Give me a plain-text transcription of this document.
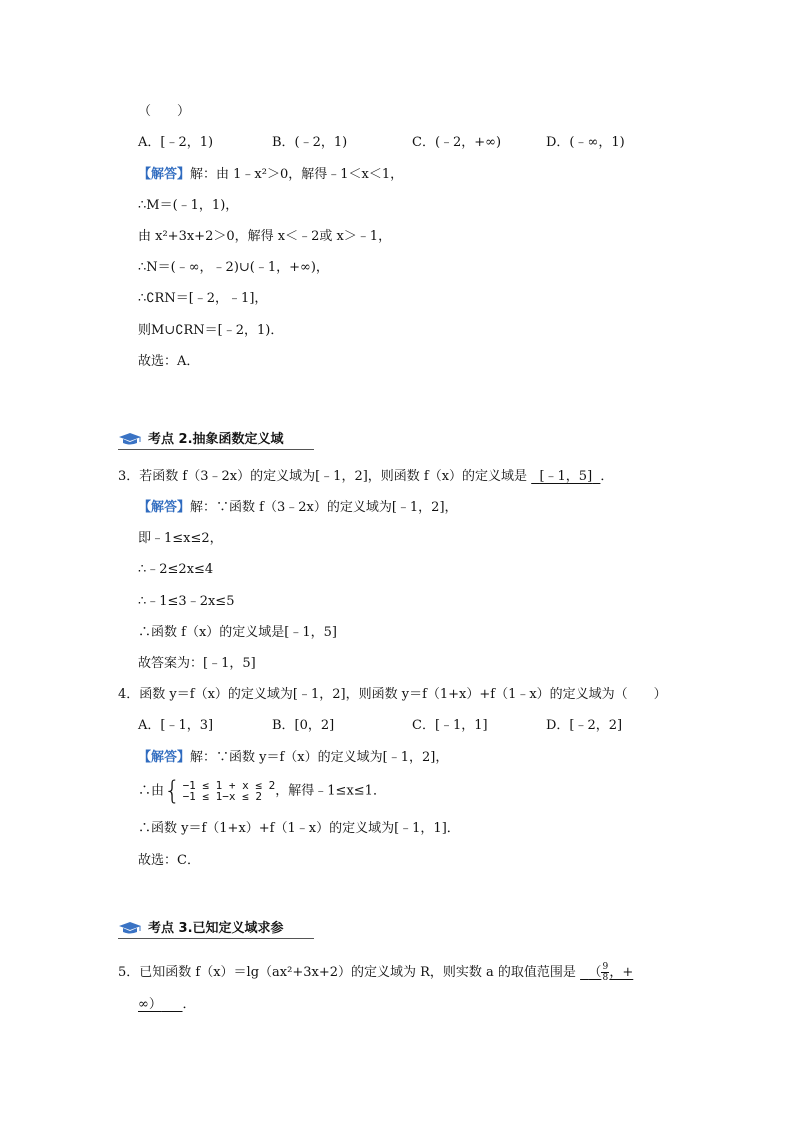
（　　）
A．[﹣2，1)	B．(﹣2，1)	C．(﹣2，+∞)	D．(﹣∞，1)
【解答】解：由 1﹣x²＞0，解得﹣1＜x＜1，
∴M＝(﹣1，1)，
由 x²+3x+2＞0，解得 x＜﹣2或 x＞﹣1，
∴N＝(﹣∞，﹣2)∪(﹣1，+∞)，
∴∁RN＝[﹣2，﹣1]，
则M∪∁RN＝[﹣2，1)．
故选：A．
考点 2.抽象函数定义域
3．若函数 f（3﹣2x）的定义域为[﹣1，2]，则函数 f（x）的定义域是 [﹣1，5] ．
【解答】解：∵函数 f（3﹣2x）的定义域为[﹣1，2]，
即﹣1≤x≤2，
∴﹣2≤2x≤4
∴﹣1≤3﹣2x≤5
∴函数 f（x）的定义域是[﹣1，5]
故答案为：[﹣1，5]
4．函数 y＝f（x）的定义域为[﹣1，2]，则函数 y＝f（1+x）+f（1﹣x）的定义域为（　　）
A．[﹣1，3]	B．[0，2]	C．[﹣1，1]	D．[﹣2，2]
【解答】解：∵函数 y＝f（x）的定义域为[﹣1，2]，
∴由 { −1 ≤ 1 + x ≤ 2
−1 ≤ 1−x ≤ 2	，解得﹣1≤x≤1．
∴函数 y＝f（1+x）+f（1﹣x）的定义域为[﹣1，1]．
故选：C．
考点 3.已知定义域求参
5．已知函数 f（x）＝lg（ax²+3x+2）的定义域为 R，则实数 a 的取值范围是 （ $\frac{9}{8}$ ，+
∞） ．
